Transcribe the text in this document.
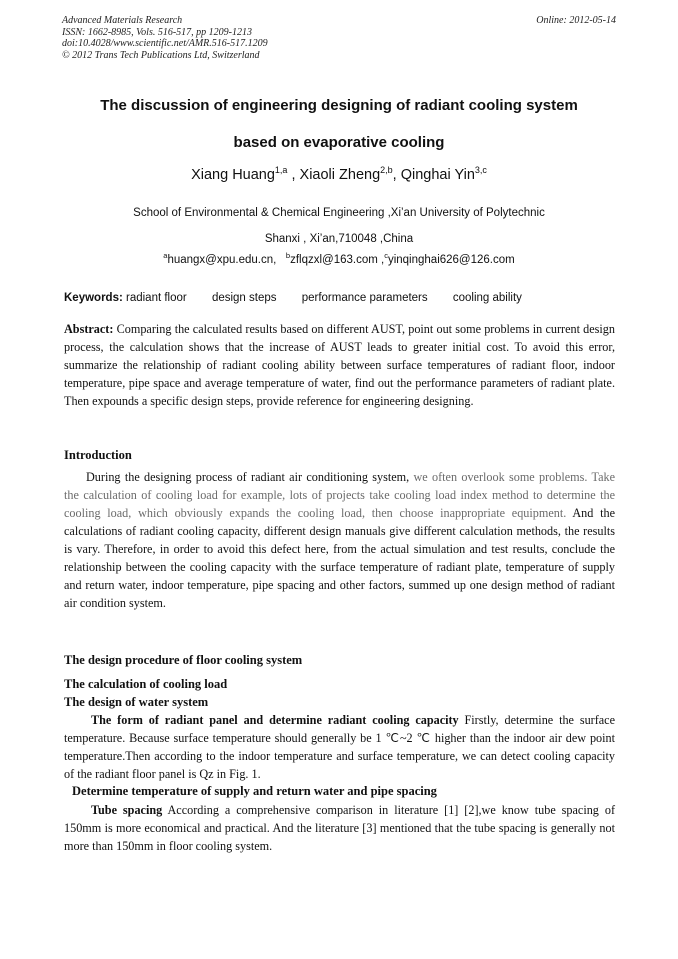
Advanced Materials Research
ISSN: 1662-8985, Vols. 516-517, pp 1209-1213
doi:10.4028/www.scientific.net/AMR.516-517.1209
© 2012 Trans Tech Publications Ltd, Switzerland
Online: 2012-05-14
The discussion of engineering designing of radiant cooling system
based on evaporative cooling
Xiang Huang$^{1,a}$ , Xiaoli Zheng$^{2,b}$, Qinghai Yin$^{3,c}$
School of Environmental & Chemical Engineering ,Xi’an University of Polytechnic
Shanxi , Xi’an,710048 ,China
$^a$huangx@xpu.edu.cn, $^b$zflqzxl@163.com ,$^c$yinqinghai626@126.com
Keywords: radiant floor design steps performance parameters cooling ability
Abstract: Comparing the calculated results based on different AUST, point out some problems in current design process, the calculation shows that the increase of AUST leads to greater initial cost. To avoid this error, summarize the relationship of radiant cooling ability between surface temperatures of radiant floor, indoor temperature, pipe space and average temperature of water, find out the performance parameters of radiant plate. Then expounds a specific design steps, provide reference for engineering designing.
Introduction
During the designing process of radiant air conditioning system, we often overlook some problems. Take the calculation of cooling load for example, lots of projects take cooling load index method to determine the cooling load, which obviously expands the cooling load, then choose inappropriate equipment. And the calculations of radiant cooling capacity, different design manuals give different calculation methods, the results is vary. Therefore, in order to avoid this defect here, from the actual simulation and test results, conclude the relationship between the cooling capacity with the surface temperature of radiant plate, temperature of supply and return water, indoor temperature, pipe spacing and other factors, summed up one design method of radiant air condition system.
The design procedure of floor cooling system
The calculation of cooling load
The design of water system
The form of radiant panel and determine radiant cooling capacity Firstly, determine the surface temperature. Because surface temperature should generally be 1 ℃~2 ℃ higher than the indoor air dew point temperature.Then according to the indoor temperature and surface temperature, we can detect cooling capacity of the radiant floor panel is Qz in Fig. 1.
Determine temperature of supply and return water and pipe spacing
Tube spacing According a comprehensive comparison in literature [1] [2],we know tube spacing of 150mm is more economical and practical. And the literature [3] mentioned that the tube spacing is generally not more than 150mm in floor cooling system.
